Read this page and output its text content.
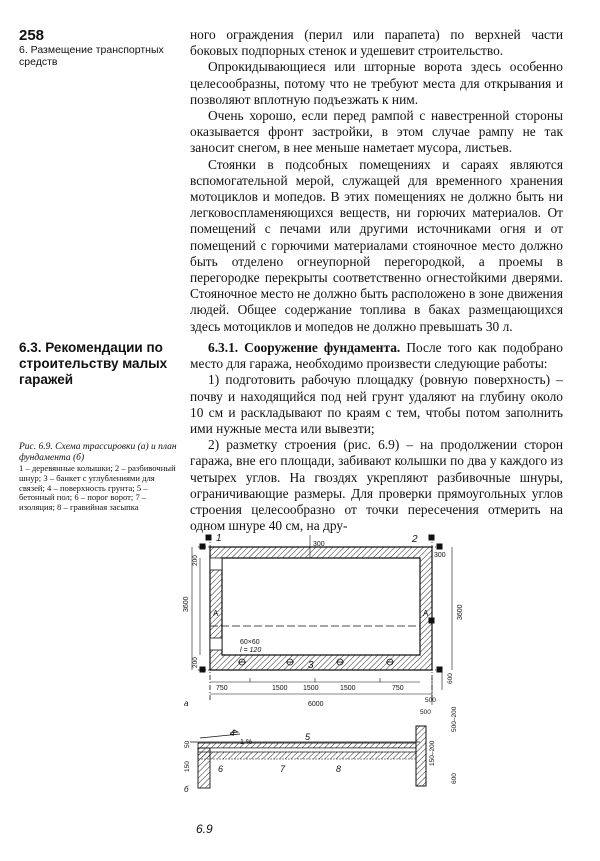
258
6. Размещение транспортных средств

ного ограждения (перил или парапета) по верхней части боковых подпорных стенок и удешевит строительство.

Опрокидывающиеся или шторные ворота здесь особенно целесообразны, потому что не требуют места для открывания и позволяют вплотную подъезжать к ним.

Очень хорошо, если перед рампой с навестренной стороны оказывается фронт застройки, в этом случае рампу не так заносит снегом, в нее меньше наметает мусора, листьев.

Стоянки в подсобных помещениях и сараях являются вспомогательной мерой, служащей для временного хранения мотоциклов и мопедов. В этих помещениях не должно быть ни легковоспламеняющихся веществ, ни горючих материалов. От помещений с печами или другими источниками огня и от помещений с горючими материалами стояночное место должно быть отделено огнеупорной перегородкой, а проемы в перегородке перекрыты соответственно огнестойкими дверями. Стояночное место не должно быть расположено в зоне движения людей. Общее содержание топлива в баках размещающихся здесь мотоциклов и мопедов не должно превышать 30 л.

6.3. Рекомендации по строительству малых гаражей

6.3.1. Сооружение фундамента. После того как подобрано место для гаража, необходимо произвести следующие работы:

1) подготовить рабочую площадку (ровную поверхность) – почву и находящийся под ней грунт удаляют на глубину около 10 см и раскладывают по краям с тем, чтобы потом заполнить ими нужные места или вывезти;

2) разметку строения (рис. 6.9) – на продолжении сторон гаража, вне его площади, забивают колышки по два у каждого из четырех углов. На гвоздях укрепляют разбивочные шнуры, ограничивающие размеры. Для проверки прямоугольных углов строения целесообразно от точки пересечения отмерить на одном шнуре 40 см, на дру-

Рис. 6.9. Схема трассировки (а) и план фундамента (б)
1 – деревянные колышки; 2 – разбивочный шнур; 3 – банкет с углублениями для связей; 4 – поверхность грунта; 5 – бетонный пол; 6 – порог ворот; 7 – изоляция; 8 – гравийная засыпка
1	2
3
300
300
3600
3600
200
200
750	1500	1500
1500	750
6000
500
500
600
A	A
60×60
l = 120
а
4	5
6	7	8
1 %
50
150
150–200
500–200
600
б
6.9
